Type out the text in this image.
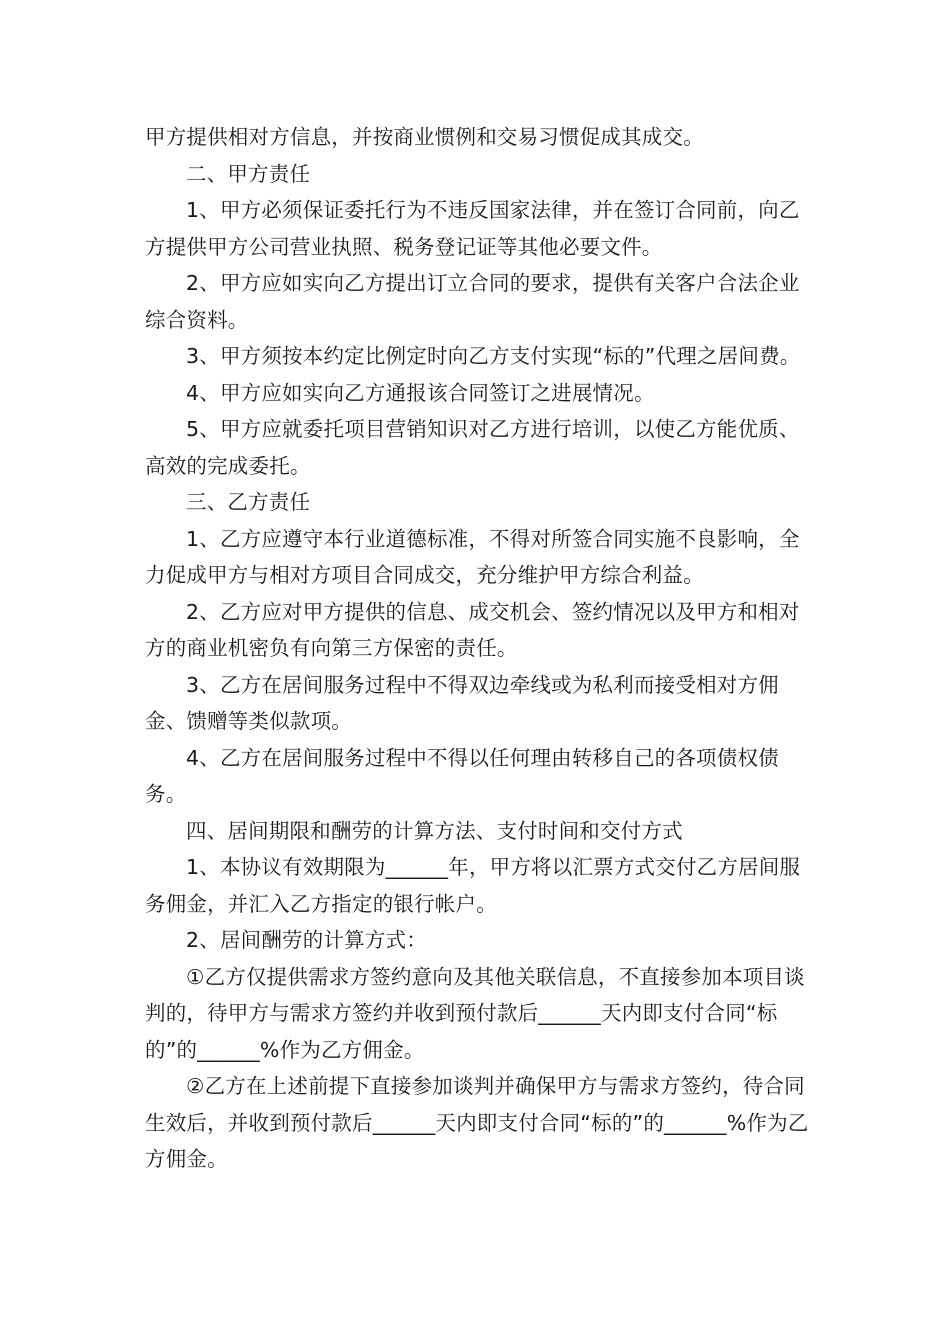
甲方提供相对方信息，并按商业惯例和交易习惯促成其成交。

二、甲方责任

1、甲方必须保证委托行为不违反国家法律，并在签订合同前，向乙方提供甲方公司营业执照、税务登记证等其他必要文件。

2、甲方应如实向乙方提出订立合同的要求，提供有关客户合法企业综合资料。

3、甲方须按本约定比例定时向乙方支付实现“标的”代理之居间费。

4、甲方应如实向乙方通报该合同签订之进展情况。

5、甲方应就委托项目营销知识对乙方进行培训，以使乙方能优质、高效的完成委托。

三、乙方责任

1、乙方应遵守本行业道德标准，不得对所签合同实施不良影响，全力促成甲方与相对方项目合同成交，充分维护甲方综合利益。

2、乙方应对甲方提供的信息、成交机会、签约情况以及甲方和相对方的商业机密负有向第三方保密的责任。

3、乙方在居间服务过程中不得双边牵线或为私利而接受相对方佣金、馈赠等类似款项。

4、乙方在居间服务过程中不得以任何理由转移自己的各项债权债务。

四、居间期限和酬劳的计算方法、支付时间和交付方式

1、本协议有效期限为______年，甲方将以汇票方式交付乙方居间服务佣金，并汇入乙方指定的银行帐户。

2、居间酬劳的计算方式：

①乙方仅提供需求方签约意向及其他关联信息，不直接参加本项目谈判的，待甲方与需求方签约并收到预付款后______天内即支付合同“标的”的______%作为乙方佣金。

②乙方在上述前提下直接参加谈判并确保甲方与需求方签约，待合同生效后，并收到预付款后______天内即支付合同“标的”的______%作为乙方佣金。
